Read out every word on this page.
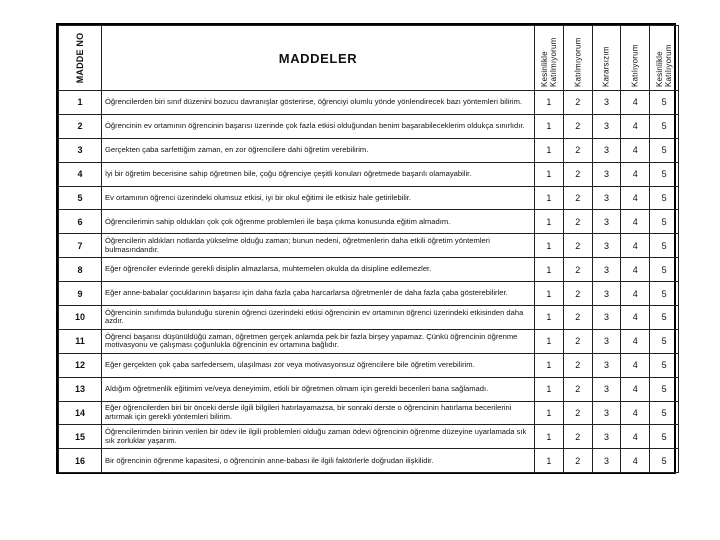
MADDE NO	MADDELER	Kesinlikle Katılmıyorum	Katılmıyorum	Kararsızım	Katılıyorum	Kesinlikle Katılıyorum

1	Öğrencilerden biri sınıf düzenini bozucu davranışlar gösterirse, öğrenciyi olumlu yönde yönlendirecek bazı yöntemleri bilirim.	1	2	3	4	5
2	Öğrencinin ev ortamının öğrencinin başarısı üzerinde çok fazla etkisi olduğundan benim başarabileceklerim oldukça sınırlıdır.	1	2	3	4	5
3	Gerçekten çaba sarfettiğim zaman, en zor öğrencilere dahi öğretim verebilirim.	1	2	3	4	5
4	İyi bir öğretim becerisine sahip öğretmen bile, çoğu öğrenciye çeşitli konuları öğretmede başarılı olamayabilir.	1	2	3	4	5
5	Ev ortamının öğrenci üzerindeki olumsuz etkisi, iyi bir okul eğitimi ile etkisiz hale getirilebilir.	1	2	3	4	5
6	Öğrencilerimin sahip oldukları çok çok öğrenme problemleri ile başa çıkma konusunda eğitim almadım.	1	2	3	4	5
7	Öğrencilerin aldıkları notlarda yükselme olduğu zaman; bunun nedeni, öğretmenlerin daha etkili öğretim yöntemleri bulmasındandır.	1	2	3	4	5
8	Eğer öğrenciler evlerinde gerekli disiplin almazlarsa, muhtemelen okulda da disipline edilemezler.	1	2	3	4	5
9	Eğer anne-babalar çocuklarının başarısı için daha fazla çaba harcarlarsa öğretmenler de daha fazla çaba gösterebilirler.	1	2	3	4	5
10	Öğrencinin sınıfımda bulunduğu sürenin öğrenci üzerindeki etkisi öğrencinin ev ortamının öğrenci üzerindeki etkisinden daha azdır.	1	2	3	4	5
11	Öğrenci başarısı düşünüldüğü zaman, öğretmen gerçek anlamda pek bir fazla birşey yapamaz. Çünkü öğrencinin öğrenme motivasyonu ve çalışması çoğunlukla öğrencinin ev ortamına bağlıdır.	1	2	3	4	5
12	Eğer gerçekten çok çaba sarfedersem, ulaşılması zor veya motivasyonsuz öğrencilere bile öğretim verebilirim.	1	2	3	4	5
13	Aldığım öğretmenlik eğitimim ve/veya deneyimim, etkili bir öğretmen olmam için gereldi becerileri bana sağlamadı.	1	2	3	4	5
14	Eğer öğrencilerden biri bir önceki dersle ilgili bilgileri hatırlayamazsa, bir sonraki derste o öğrencinin hatırlama becerilerini artırmak için gerekli yöntemleri bilirim.	1	2	3	4	5
15	Öğrencilerimden birinin verilen bir ödev ile ilgili problemleri olduğu zaman ödevi öğrencinin öğrenme düzeyine uyarlamada sık sık zorluklar yaşarım.	1	2	3	4	5
16	Bir öğrencinin öğrenme kapasitesi, o öğrencinin anne-babası ile ilgili faktörlerle doğrudan ilişkilidir.	1	2	3	4	5
